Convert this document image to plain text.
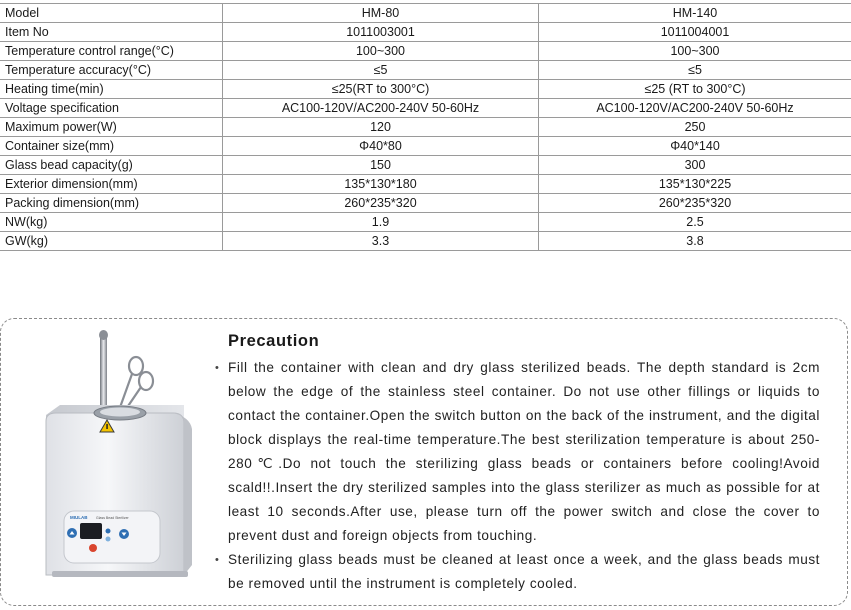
Model	HM-80	HM-140
Item No	1011003001	1011004001
Temperature control range(°C)	100~300	100~300
Temperature accuracy(°C)	≤5	≤5
Heating time(min)	≤25(RT to 300°C)	≤25 (RT to 300°C)
Voltage specification	AC100-120V/AC200-240V 50-60Hz	AC100-120V/AC200-240V 50-60Hz
Maximum power(W)	120	250
Container size(mm)	Φ40*80	Φ40*140
Glass bead capacity(g)	150	300
Exterior dimension(mm)	135*130*180	135*130*225
Packing dimension(mm)	260*235*320	260*235*320
NW(kg)	1.9	2.5
GW(kg)	3.3	3.8
MIULAB Glass Bead Sterilizer
Precaution
• Fill the container with clean and dry glass sterilized beads. The depth standard is 2cm below the edge of the stainless steel container. Do not use other fillings or liquids to contact the container.Open the switch button on the back of the instrument, and the digital block displays the real-time temperature.The best sterilization temperature is about 250-280℃.Do not touch the sterilizing glass beads or containers before cooling!Avoid scald!!.Insert the dry sterilized samples into the glass sterilizer as much as possible for at least 10 seconds.After use, please turn off the power switch and close the cover to prevent dust and foreign objects from touching.
• Sterilizing glass beads must be cleaned at least once a week, and the glass beads must be removed until the instrument is completely cooled.
